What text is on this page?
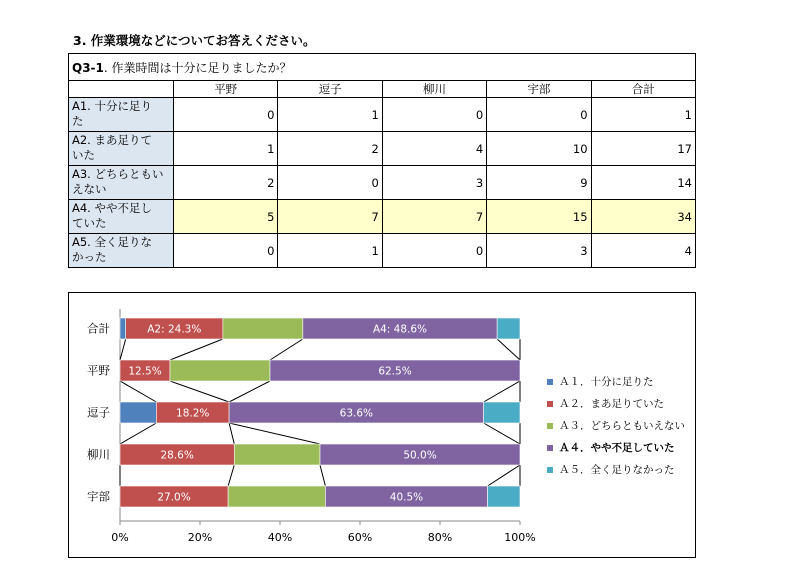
3. 作業環境などについてお答えください。
Q3-1. 作業時間は十分に足りましたか？					
	平野	逗子	柳川	宇部	合計

A1. 十分に足り
た	0	1	0	0	1

A2. まあ足りて
いた	1	2	4	10	17

A3. どちらともい
えない	2	0	3	9	14

A4. やや不足し
ていた	5	7	7	15	34

A5. 全く足りな
かった	0	1	0	3	4
0%	20%	40%	60%	80%	100%
合計
平野
逗子
柳川
宇部
A2: 24.3%	A4: 48.6%
12.5%	62.5%
18.2%	63.6%
28.6%	50.0%
27.0%	40.5%
Ａ１．十分に足りた
Ａ２．まあ足りていた
Ａ３．どちらともいえない
Ａ４．やや不足していた
Ａ５．全く足りなかった
